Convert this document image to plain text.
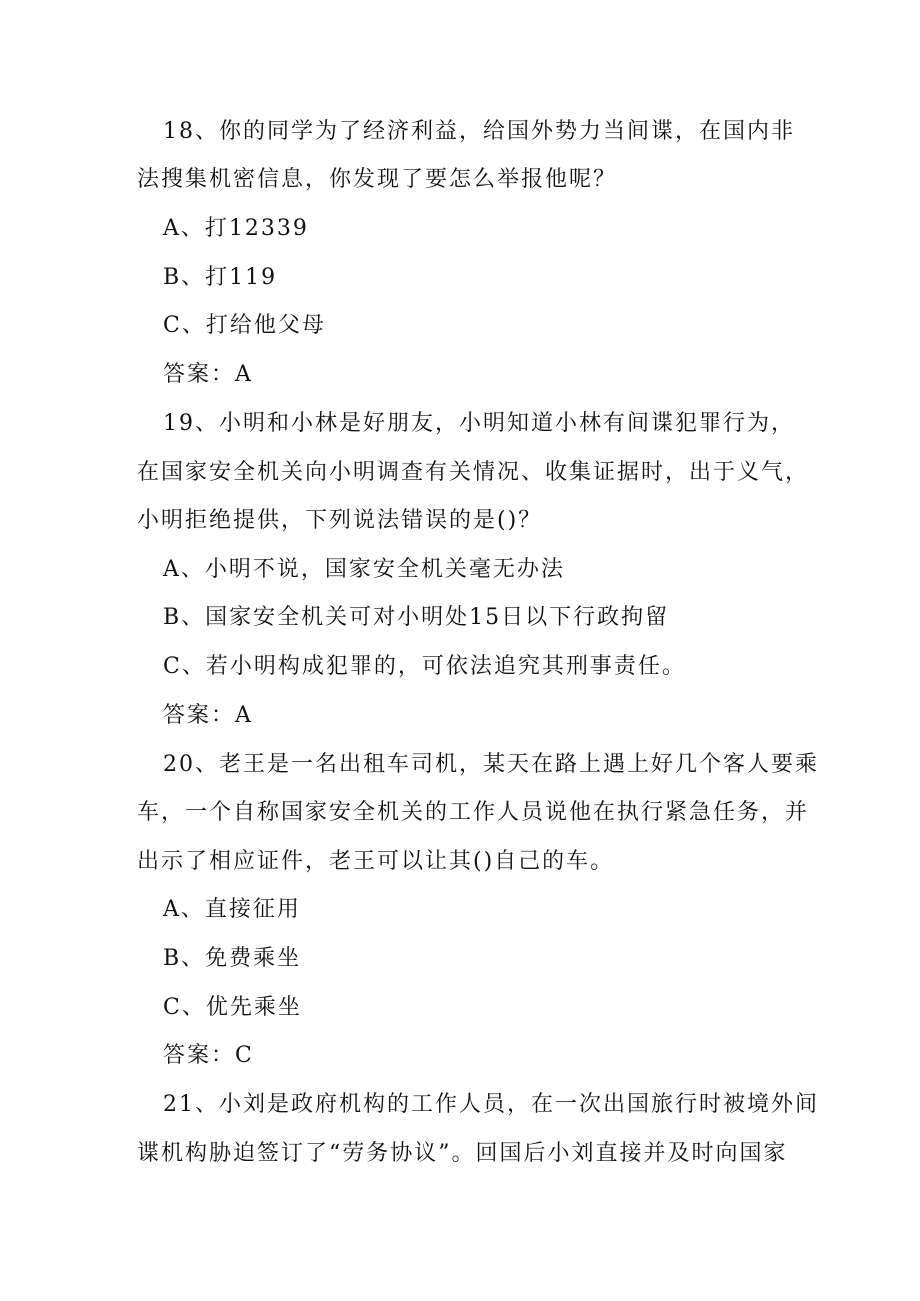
18、你的同学为了经济利益，给国外势力当间谍，在国内非
法搜集机密信息，你发现了要怎么举报他呢？
A、打12339
B、打119
C、打给他父母
答案：A
19、小明和小林是好朋友，小明知道小林有间谍犯罪行为，
在国家安全机关向小明调查有关情况、收集证据时，出于义气，
小明拒绝提供，下列说法错误的是()？
A、小明不说，国家安全机关毫无办法
B、国家安全机关可对小明处15日以下行政拘留
C、若小明构成犯罪的，可依法追究其刑事责任。
答案：A
20、老王是一名出租车司机，某天在路上遇上好几个客人要乘
车，一个自称国家安全机关的工作人员说他在执行紧急任务，并
出示了相应证件，老王可以让其()自己的车。
A、直接征用
B、免费乘坐
C、优先乘坐
答案：C
21、小刘是政府机构的工作人员，在一次出国旅行时被境外间
谍机构胁迫签订了“劳务协议”。回国后小刘直接并及时向国家
